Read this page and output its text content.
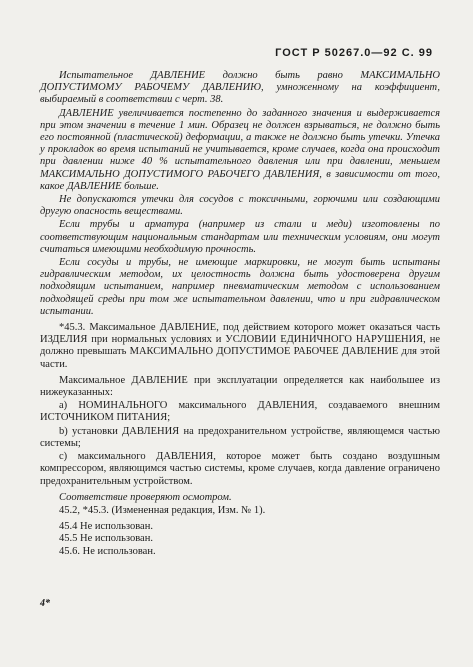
ГОСТ Р 50267.0—92 С. 99

Испытательное ДАВЛЕНИЕ должно быть равно МАКСИМАЛЬНО ДОПУСТИМОМУ РАБОЧЕМУ ДАВЛЕНИЮ, умноженному на коэффициент, выбираемый в соответствии с черт. 38.

ДАВЛЕНИЕ увеличивается постепенно до заданного значения и выдерживается при этом значении в течение 1 мин. Образец не должен взрываться, не должно быть его постоянной (пластической) деформации, а также не должно быть утечки. Утечка у прокладок во время испытаний не учитывается, кроме случаев, когда она происходит при давлении ниже 40 % испытательного давления или при давлении, меньшем МАКСИМАЛЬНО ДОПУСТИМОГО РАБОЧЕГО ДАВЛЕНИЯ, в зависимости от того, какое ДАВЛЕНИЕ больше.

Не допускаются утечки для сосудов с токсичными, горючими или создающими другую опасность веществами.

Если трубы и арматура (например из стали и меди) изготовлены по соответствующим национальным стандартам или техническим условиям, они могут считаться имеющими необходимую прочность.

Если сосуды и трубы, не имеющие маркировки, не могут быть испытаны гидравлическим методом, их целостность должна быть удостоверена другим подходящим испытанием, например пневматическим методом с использованием подходящей среды при том же испытательном давлении, что и при гидравлическом испытании.

*45.3. Максимальное ДАВЛЕНИЕ, под действием которого может оказаться часть ИЗДЕЛИЯ при нормальных условиях и УСЛОВИИ ЕДИНИЧНОГО НАРУШЕНИЯ, не должно превышать МАКСИМАЛЬНО ДОПУСТИМОЕ РАБОЧЕЕ ДАВЛЕНИЕ для этой части.

Максимальное ДАВЛЕНИЕ при эксплуатации определяется как наибольшее из нижеуказанных:

а) НОМИНАЛЬНОГО максимального ДАВЛЕНИЯ, создаваемого внешним ИСТОЧНИКОМ ПИТАНИЯ;

b) установки ДАВЛЕНИЯ на предохранительном устройстве, являющемся частью системы;

с) максимального ДАВЛЕНИЯ, которое может быть создано воздушным компрессором, являющимся частью системы, кроме случаев, когда давление ограничено предохранительным устройством.

Соответствие проверяют осмотром.

45.2, *45.3. (Измененная редакция, Изм. № 1).

45.4 Не использован.
45.5 Не использован.
45.6. Не использован.

4*
